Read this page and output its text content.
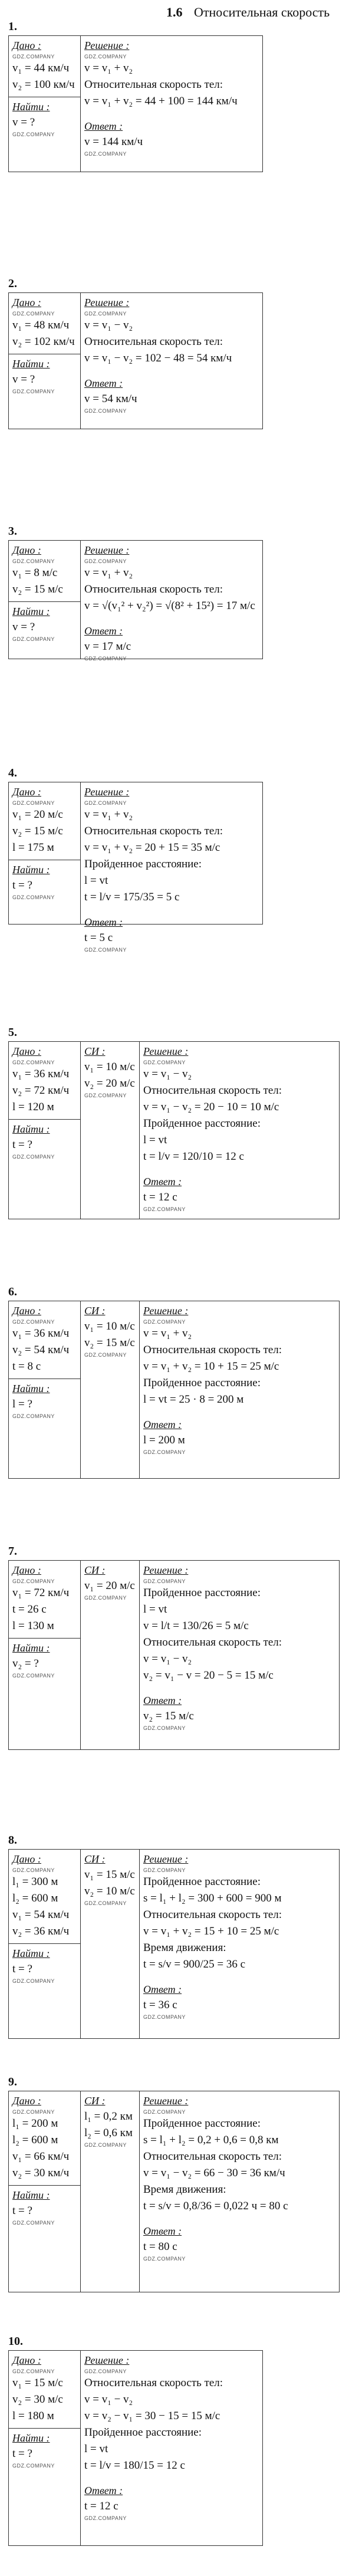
1.6 Относительная скорость
1.
Дано :
GDZ.COMPANY
v₁ = 44 км/ч
v₂ = 100 км/ч
Найти :
v = ?
GDZ.COMPANY
Решение :
GDZ.COMPANY
v = v₁ + v₂
Относительная скорость тел:
v = v₁ + v₂ = 44 + 100 = 144 км/ч
Ответ :
v = 144 км/ч
GDZ.COMPANY
2.
Дано :
GDZ.COMPANY
v₁ = 48 км/ч
v₂ = 102 км/ч
Найти :
v = ?
GDZ.COMPANY
Решение :
GDZ.COMPANY
v = v₁ − v₂
Относительная скорость тел:
v = v₁ − v₂ = 102 − 48 = 54 км/ч
Ответ :
v = 54 км/ч
GDZ.COMPANY
3.
Дано :
GDZ.COMPANY
v₁ = 8 м/с
v₂ = 15 м/с
Найти :
v = ?
GDZ.COMPANY
Решение :
GDZ.COMPANY
v = v₁ + v₂
Относительная скорость тел:
v = √(v₁² + v₂²) = √(8² + 15²) = 17 м/с
Ответ :
v = 17 м/с
GDZ.COMPANY
4.
Дано :
GDZ.COMPANY
v₁ = 20 м/с
v₂ = 15 м/с
l = 175 м
Найти :
t = ?
GDZ.COMPANY
Решение :
GDZ.COMPANY
v = v₁ + v₂
Относительная скорость тел:
v = v₁ + v₂ = 20 + 15 = 35 м/с
Пройденное расстояние:
l = vt
t = l/v = 175/35 = 5 с
Ответ :
t = 5 с
GDZ.COMPANY
5.
Дано :
GDZ.COMPANY
v₁ = 36 км/ч
v₂ = 72 км/ч
l = 120 м
Найти :
t = ?
GDZ.COMPANY
СИ :
v₁ = 10 м/с
v₂ = 20 м/с
GDZ.COMPANY
Решение :
GDZ.COMPANY
v = v₁ − v₂
Относительная скорость тел:
v = v₁ − v₂ = 20 − 10 = 10 м/с
Пройденное расстояние:
l = vt
t = l/v = 120/10 = 12 с
Ответ :
t = 12 с
GDZ.COMPANY
6.
Дано :
GDZ.COMPANY
v₁ = 36 км/ч
v₂ = 54 км/ч
t = 8 с
Найти :
l = ?
GDZ.COMPANY
СИ :
v₁ = 10 м/с
v₂ = 15 м/с
GDZ.COMPANY
Решение :
GDZ.COMPANY
v = v₁ + v₂
Относительная скорость тел:
v = v₁ + v₂ = 10 + 15 = 25 м/с
Пройденное расстояние:
l = vt = 25 · 8 = 200 м
Ответ :
l = 200 м
GDZ.COMPANY
7.
Дано :
GDZ.COMPANY
v₁ = 72 км/ч
t = 26 с
l = 130 м
Найти :
v₂ = ?
GDZ.COMPANY
СИ :
v₁ = 20 м/с
GDZ.COMPANY
Решение :
GDZ.COMPANY
Пройденное расстояние:
l = vt
v = l/t = 130/26 = 5 м/с
Относительная скорость тел:
v = v₁ − v₂
v₂ = v₁ − v = 20 − 5 = 15 м/с
Ответ :
v₂ = 15 м/с
GDZ.COMPANY
8.
Дано :
GDZ.COMPANY
l₁ = 300 м
l₂ = 600 м
v₁ = 54 км/ч
v₂ = 36 км/ч
Найти :
t = ?
GDZ.COMPANY
СИ :
v₁ = 15 м/с
v₂ = 10 м/с
GDZ.COMPANY
Решение :
GDZ.COMPANY
Пройденное расстояние:
s = l₁ + l₂ = 300 + 600 = 900 м
Относительная скорость тел:
v = v₁ + v₂ = 15 + 10 = 25 м/с
Время движения:
t = s/v = 900/25 = 36 с
Ответ :
t = 36 с
GDZ.COMPANY
9.
Дано :
GDZ.COMPANY
l₁ = 200 м
l₂ = 600 м
v₁ = 66 км/ч
v₂ = 30 км/ч
Найти :
t = ?
GDZ.COMPANY
СИ :
l₁ = 0,2 км
l₂ = 0,6 км
GDZ.COMPANY
Решение :
GDZ.COMPANY
Пройденное расстояние:
s = l₁ + l₂ = 0,2 + 0,6 = 0,8 км
Относительная скорость тел:
v = v₁ − v₂ = 66 − 30 = 36 км/ч
Время движения:
t = s/v = 0,8/36 = 0,022 ч = 80 с
Ответ :
t = 80 с
GDZ.COMPANY
10.
Дано :
GDZ.COMPANY
v₁ = 15 м/с
v₂ = 30 м/с
l = 180 м
Найти :
t = ?
GDZ.COMPANY
Решение :
GDZ.COMPANY
Относительная скорость тел:
v = v₁ − v₂
v = v₂ − v₁ = 30 − 15 = 15 м/с
Пройденное расстояние:
l = vt
t = l/v = 180/15 = 12 с
Ответ :
t = 12 с
GDZ.COMPANY
